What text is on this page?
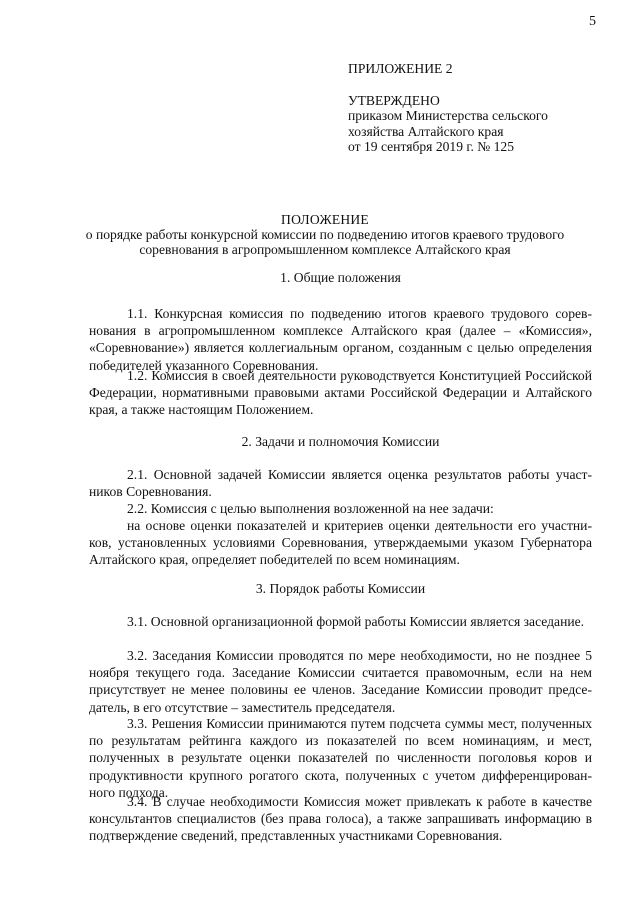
5
ПРИЛОЖЕНИЕ 2
УТВЕРЖДЕНО
приказом Министерства сельского
хозяйства Алтайского края
от 19 сентября 2019 г. № 125
ПОЛОЖЕНИЕ
о порядке работы конкурсной комиссии по подведению итогов краевого трудового
соревнования в агропромышленном комплексе Алтайского края
1. Общие положения
1.1. Конкурсная комиссия по подведению итогов краевого трудового соревнования в агропромышленном комплексе Алтайского края (далее – «Комиссия», «Соревнование») является коллегиальным органом, созданным с целью определения победителей указанного Соревнования.
1.2. Комиссия в своей деятельности руководствуется Конституцией Российской Федерации, нормативными правовыми актами Российской Федерации и Алтайского края, а также настоящим Положением.
2. Задачи и полномочия Комиссии
2.1. Основной задачей Комиссии является оценка результатов работы участников Соревнования.
2.2. Комиссия с целью выполнения возложенной на нее задачи:
на основе оценки показателей и критериев оценки деятельности его участников, установленных условиями Соревнования, утверждаемыми указом Губернатора Алтайского края, определяет победителей по всем номинациям.
3. Порядок работы Комиссии
3.1. Основной организационной формой работы Комиссии является заседание.
3.2. Заседания Комиссии проводятся по мере необходимости, но не позднее 5 ноября текущего года. Заседание Комиссии считается правомочным, если на нем присутствует не менее половины ее членов. Заседание Комиссии проводит председатель, в его отсутствие – заместитель председателя.
3.3. Решения Комиссии принимаются путем подсчета суммы мест, полученных по результатам рейтинга каждого из показателей по всем номинациям, и мест, полученных в результате оценки показателей по численности поголовья коров и продуктивности крупного рогатого скота, полученных с учетом дифференцированного подхода.
3.4. В случае необходимости Комиссия может привлекать к работе в качестве консультантов специалистов (без права голоса), а также запрашивать информацию в подтверждение сведений, представленных участниками Соревнования.
